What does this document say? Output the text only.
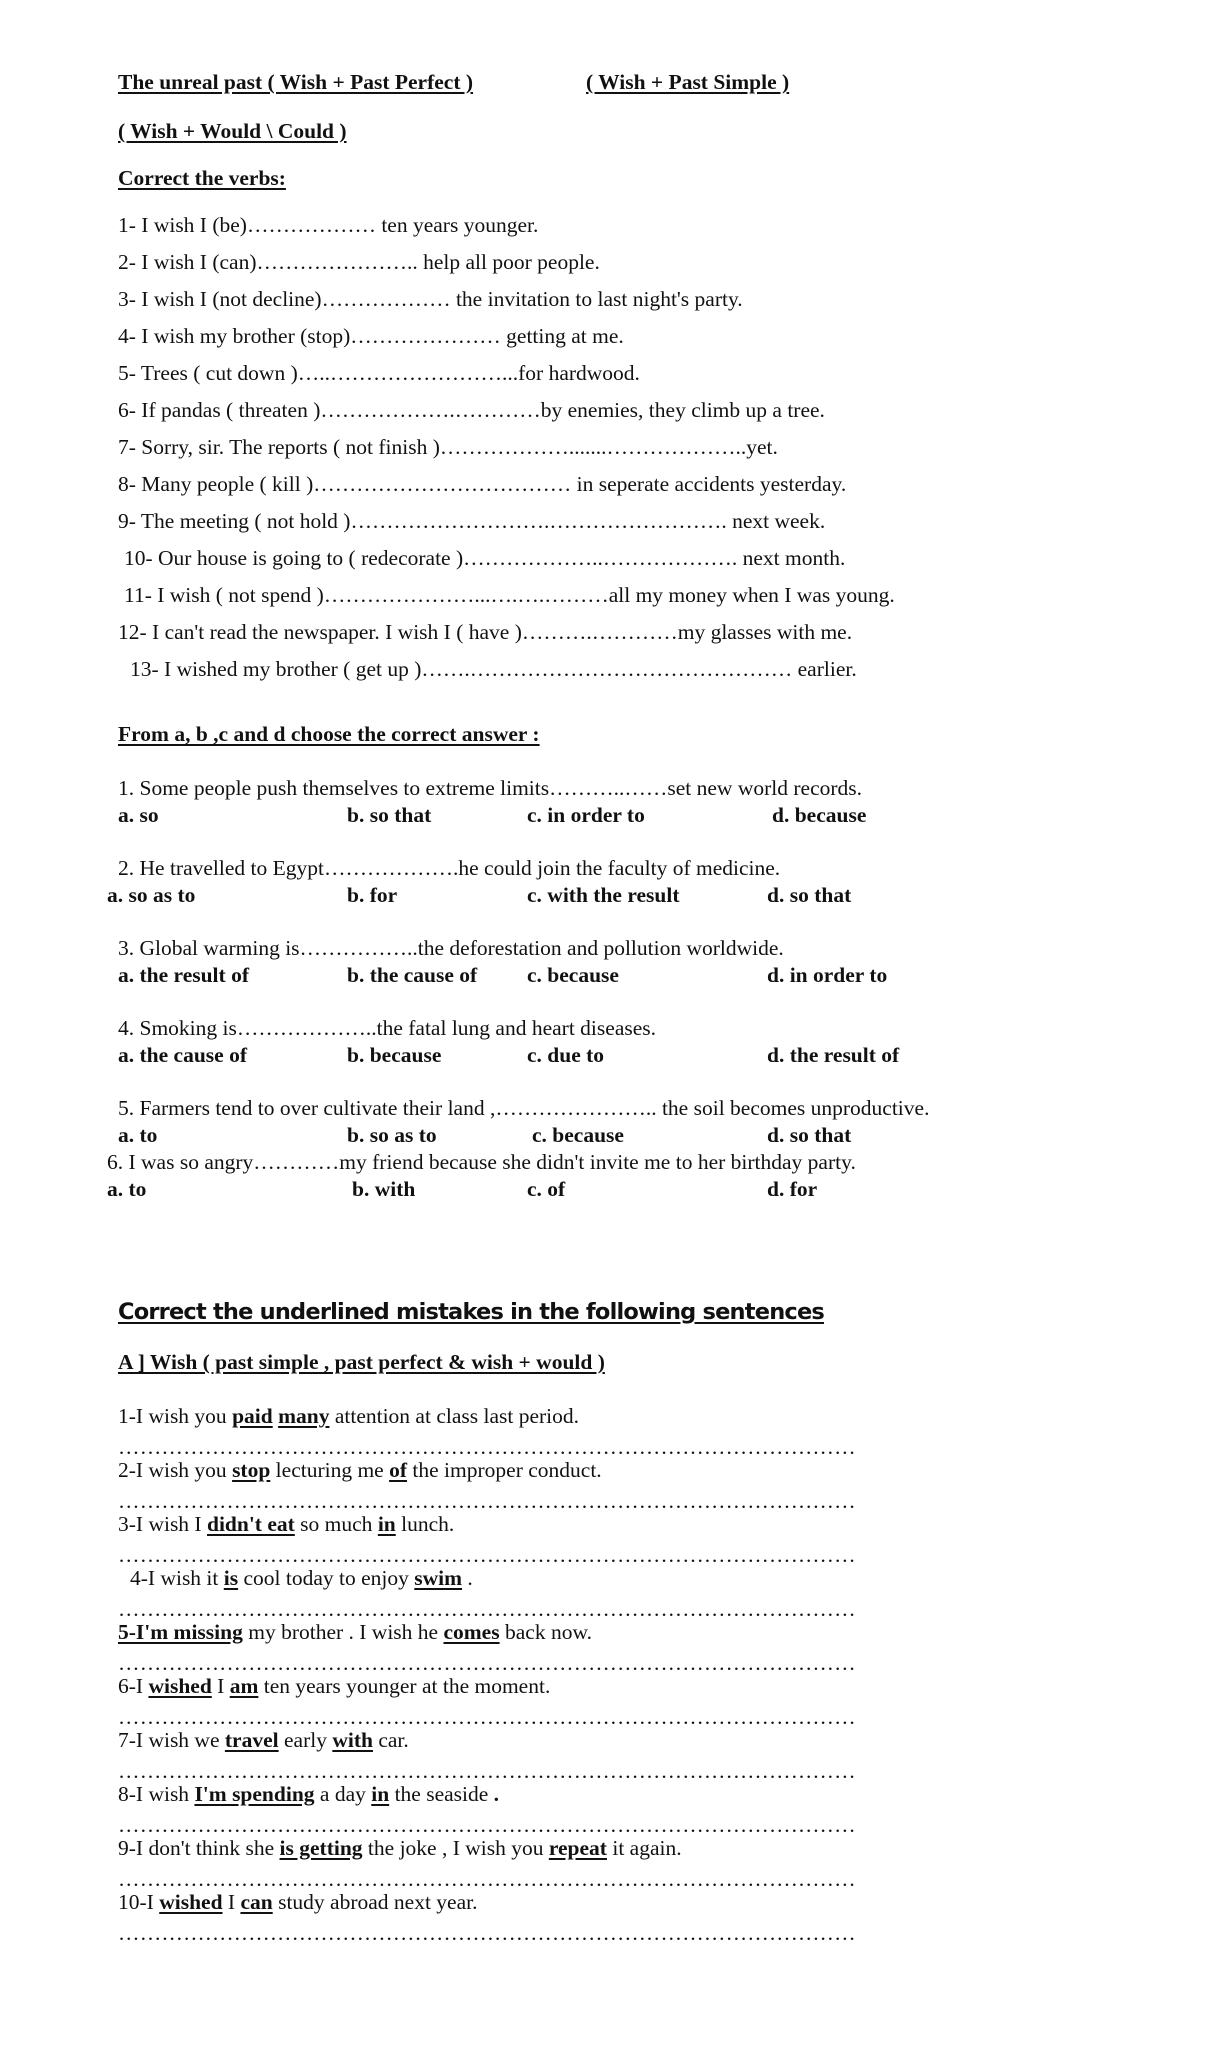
The unreal past ( Wish + Past Perfect )	( Wish + Past Simple )
( Wish + Would \ Could )
Correct the verbs:
1- I wish I (be)……………… ten years younger.
2- I wish I (can)………………….. help all poor people.
3- I wish I (not decline)……………… the invitation to last night's party.
4- I wish my brother (stop)………………… getting at me.
5- Trees ( cut down )…..……………………...for hardwood.
6- If pandas ( threaten )……………….…………by enemies, they climb up a tree.
7- Sorry, sir. The reports ( not finish )……………….......………………..yet.
8- Many people ( kill )……………………………… in seperate accidents yesterday.
9- The meeting ( not hold )……………………….……………………. next week.
10- Our house is going to ( redecorate )………………..………………. next month.
11- I wish ( not spend )…………………...….….………all my money when I was young.
12- I can't read the newspaper. I wish I ( have )……….…………my glasses with me.
13- I wished my brother ( get up )…….……………………………………… earlier.
From a, b ,c and d choose the correct answer :
1. Some people push themselves to extreme limits………..……set new world records.
a. so	b. so that	c. in order to	d. because
2. He travelled to Egypt……………….he could join the faculty of medicine.
a. so as to	b. for	c. with the result	d. so that
3. Global warming is……………..the deforestation and pollution worldwide.
a. the result of	b. the cause of c. because	d. in order to
4. Smoking is………………..the fatal lung and heart diseases.
a. the cause of	b. because	c. due to	d. the result of
5. Farmers tend to over cultivate their land ,………………….. the soil becomes unproductive.
a. to	b. so as to	c. because	d. so that
6. I was so angry…………my friend because she didn't invite me to her birthday party.
a. to	b. with	c. of	d. for
Correct the underlined mistakes in the following sentences
A ] Wish ( past simple , past perfect & wish + would )
1-I wish you paid many attention at class last period.
…………………………………………………………………………………………
2-I wish you stop lecturing me of the improper conduct.
…………………………………………………………………………………………
3-I wish I didn't eat so much in lunch.
…………………………………………………………………………………………
4-I wish it is cool today to enjoy swim .
…………………………………………………………………………………………
5-I'm missing my brother . I wish he comes back now.
…………………………………………………………………………………………
6-I wished I am ten years younger at the moment.
…………………………………………………………………………………………
7-I wish we travel early with car.
…………………………………………………………………………………………
8-I wish I'm spending a day in the seaside .
…………………………………………………………………………………………
9-I don't think she is getting the joke , I wish you repeat it again.
…………………………………………………………………………………………
10-I wished I can study abroad next year.
…………………………………………………………………………………………
